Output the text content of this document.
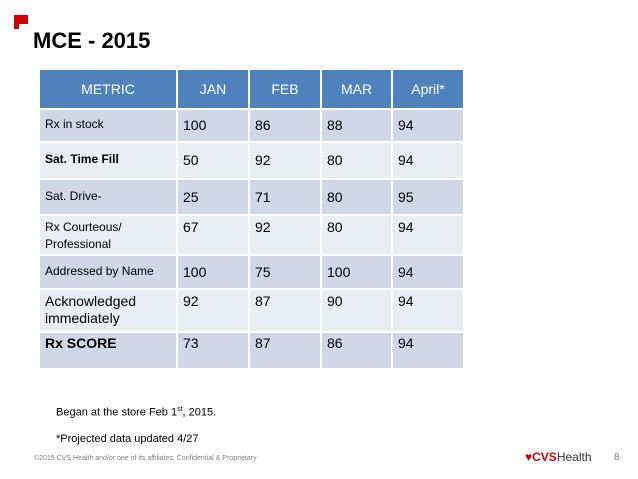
MCE - 2015
METRIC	JAN	FEB	MAR	April*
Rx in stock	100	86	88	94
Sat. Time Fill	50	92	80	94
Sat. Drive-	25	71	80	95
Rx Courteous/ Professional	67	92	80	94
Addressed by Name	100	75	100	94
Acknowledged immediately	92	87	90	94
Rx SCORE	73	87	86	94
Began at the store Feb 1st, 2015.
*Projected data updated 4/27
©2015 CVS Health and/or one of its affiliates: Confidential & Proprietary	♥CVSHealth 8
